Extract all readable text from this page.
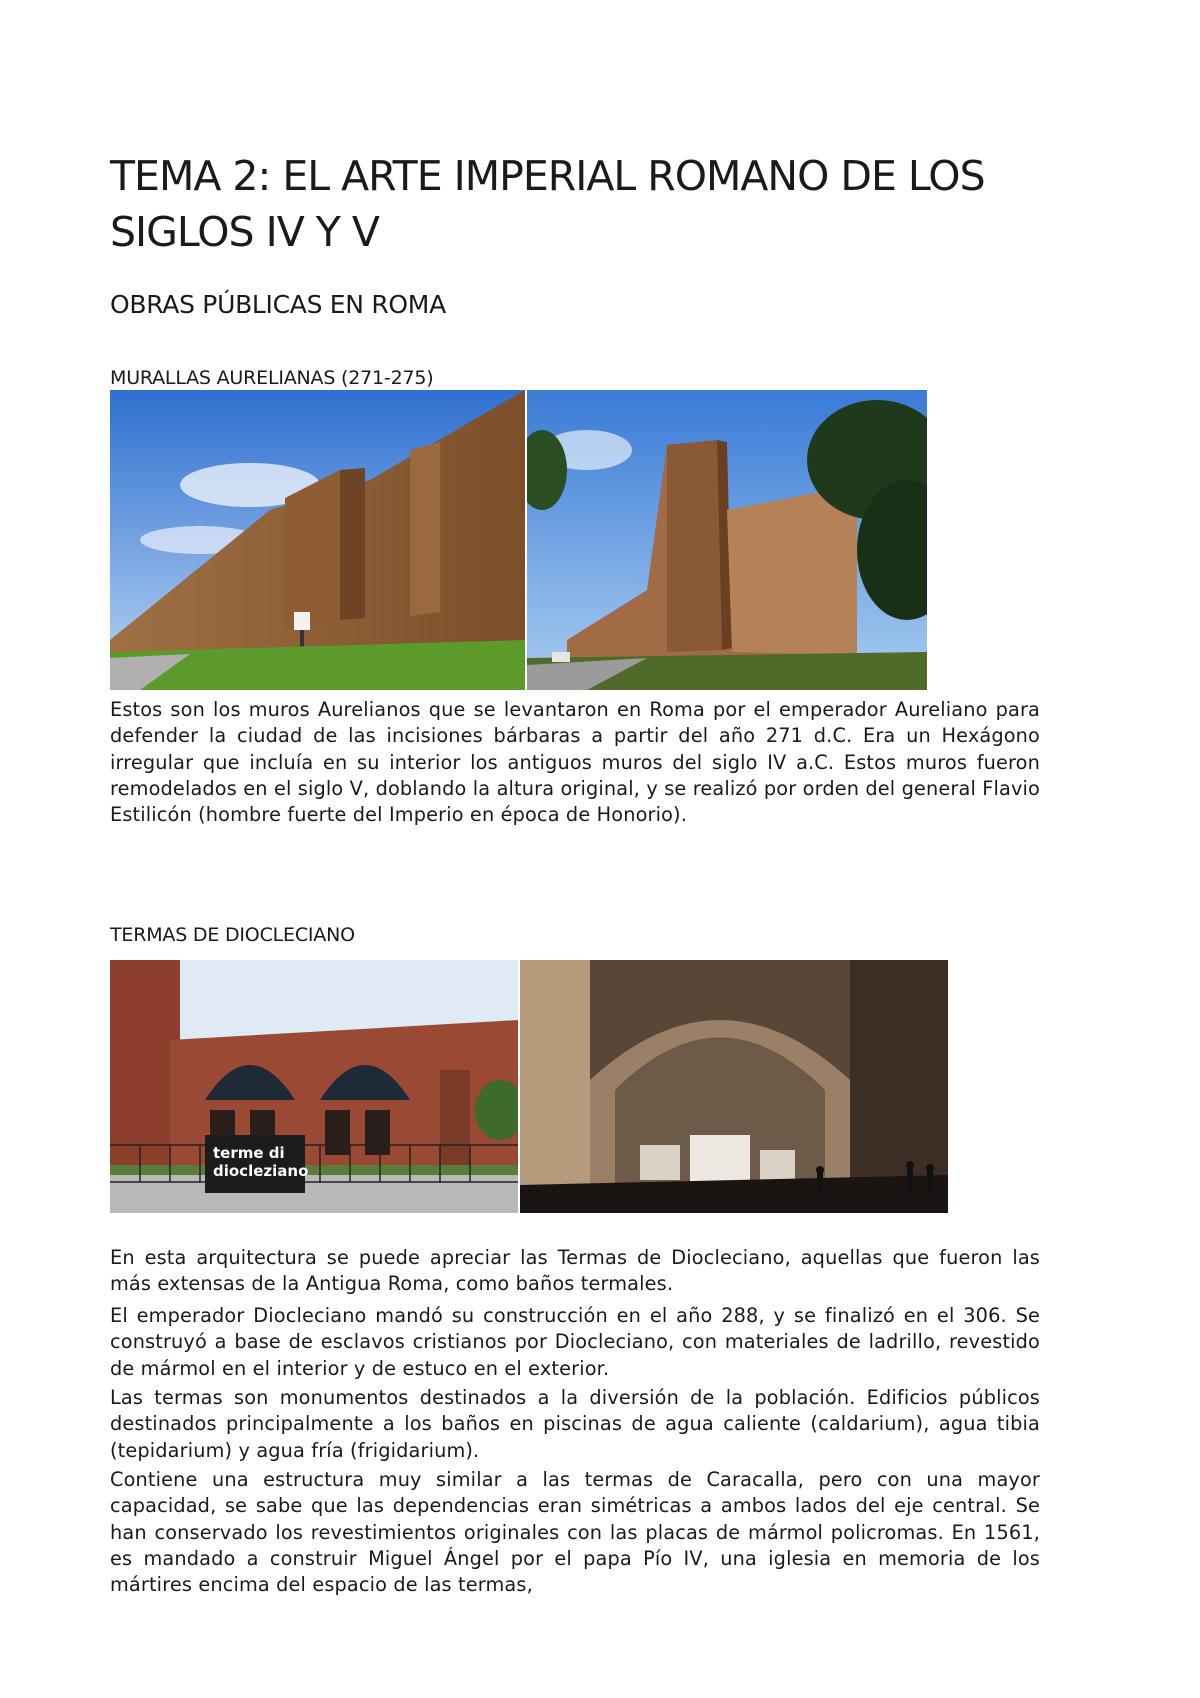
TEMA 2: EL ARTE IMPERIAL ROMANO DE LOS SIGLOS IV Y V
OBRAS PÚBLICAS EN ROMA
MURALLAS AURELIANAS (271-275)

Estos son los muros Aurelianos que se levantaron en Roma por el emperador Aureliano para defender la ciudad de las incisiones bárbaras a partir del año 271 d.C. Era un Hexágono irregular que incluía en su interior los antiguos muros del siglo IV a.C. Estos muros fueron remodelados en el siglo V, doblando la altura original, y se realizó por orden del general Flavio Estilicón (hombre fuerte del Imperio en época de Honorio).

TERMAS DE DIOCLECIANO
terme di
diocleziano

En esta arquitectura se puede apreciar las Termas de Diocleciano, aquellas que fueron las más extensas de la Antigua Roma, como baños termales.

El emperador Diocleciano mandó su construcción en el año 288, y se finalizó en el 306. Se construyó a base de esclavos cristianos por Diocleciano, con materiales de ladrillo, revestido de mármol en el interior y de estuco en el exterior.

Las termas son monumentos destinados a la diversión de la población. Edificios públicos destinados principalmente a los baños en piscinas de agua caliente (caldarium), agua tibia (tepidarium) y agua fría (frigidarium).

Contiene una estructura muy similar a las termas de Caracalla, pero con una mayor capacidad, se sabe que las dependencias eran simétricas a ambos lados del eje central. Se han conservado los revestimientos originales con las placas de mármol policromas. En 1561, es mandado a construir Miguel Ángel por el papa Pío IV, una iglesia en memoria de los mártires encima del espacio de las termas,
